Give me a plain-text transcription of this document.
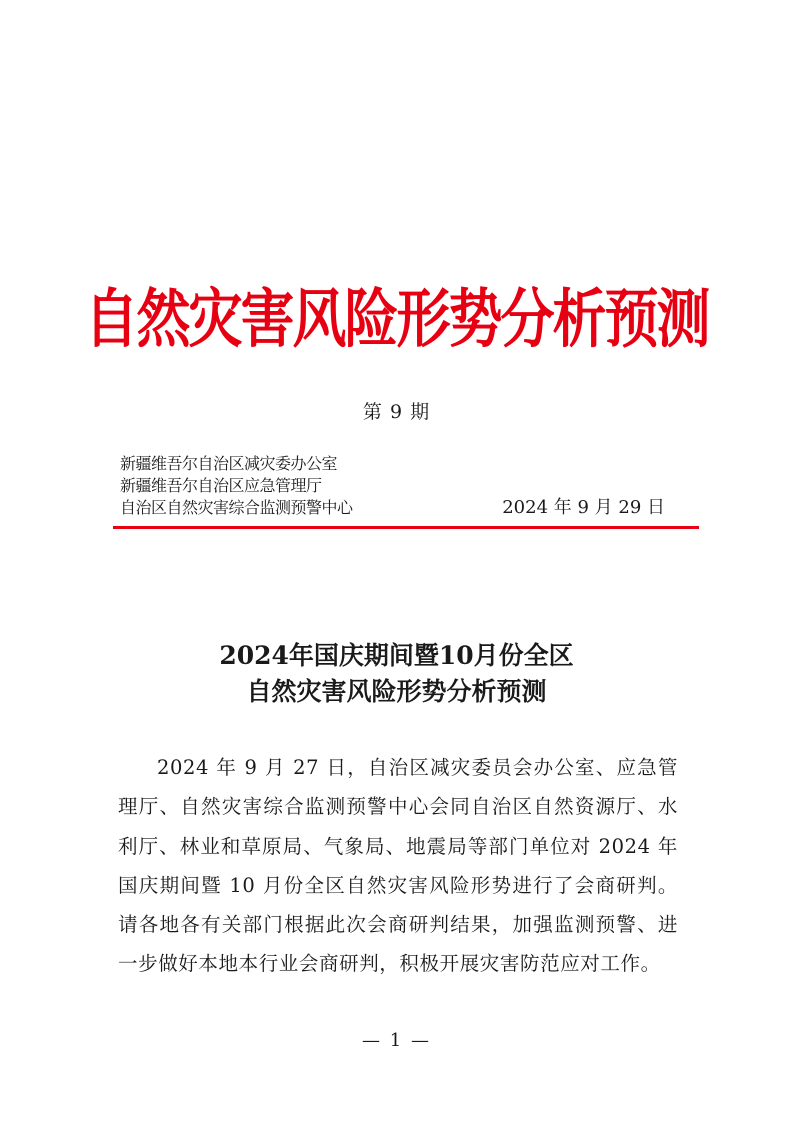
自然灾害风险形势分析预测
第 9 期
新疆维吾尔自治区减灾委办公室
新疆维吾尔自治区应急管理厅
自治区自然灾害综合监测预警中心	2024 年 9 月 29 日
2024年国庆期间暨10月份全区
自然灾害风险形势分析预测
2024 年 9 月 27 日，自治区减灾委员会办公室、应急管理厅、自然灾害综合监测预警中心会同自治区自然资源厅、水利厅、林业和草原局、气象局、地震局等部门单位对 2024 年国庆期间暨 10 月份全区自然灾害风险形势进行了会商研判。请各地各有关部门根据此次会商研判结果，加强监测预警、进一步做好本地本行业会商研判，积极开展灾害防范应对工作。
— 1 —
